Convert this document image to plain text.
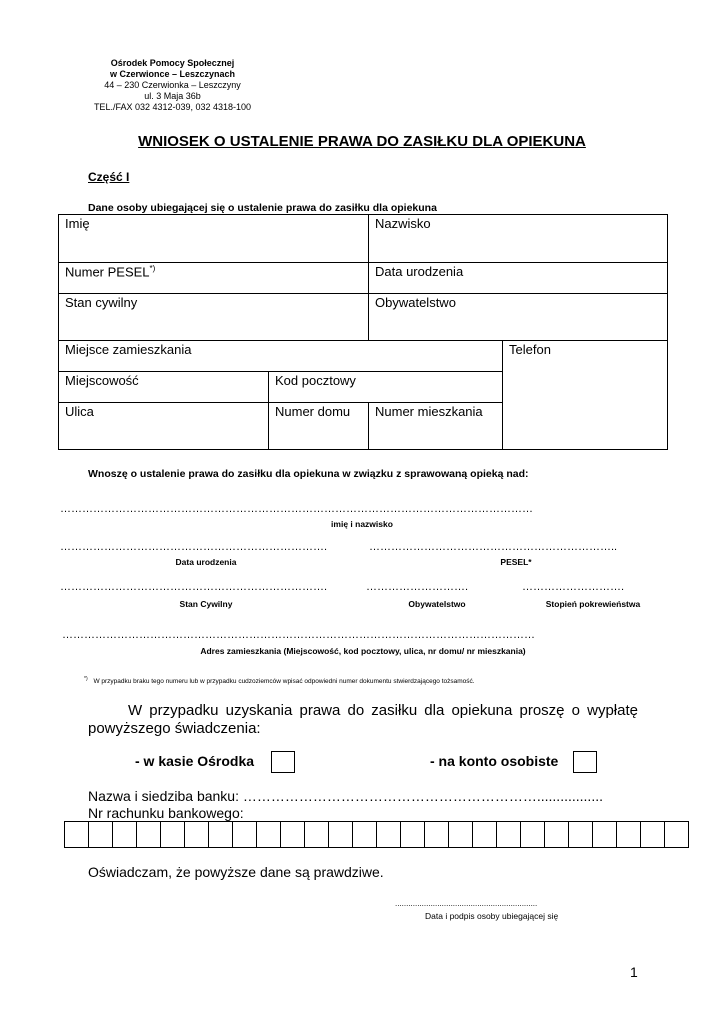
Ośrodek Pomocy Społecznej
w Czerwionce – Leszczynach
44 – 230 Czerwionka – Leszczyny
ul. 3 Maja 36b
TEL./FAX 032 4312-039, 032 4318-100
WNIOSEK O USTALENIE PRAWA DO ZASIŁKU DLA OPIEKUNA
Część I
Dane osoby ubiegającej się o ustalenie prawa do zasiłku dla opiekuna
Imię		Nazwisko	
Numer PESEL*)		Data urodzenia	
Stan cywilny		Obywatelstwo	
Miejsce zamieszkania			Telefon
Miejscowość	Kod pocztowy		
Ulica	Numer domu	Numer mieszkania	
Wnoszę o ustalenie prawa do zasiłku dla opiekuna w związku z sprawowaną opieką nad:
…………………………………………………………………………………………………………………
imię i nazwisko
……………………………………………………………….	…………………………………………………………..
Data urodzenia	PESEL*
……………………………………………………………….	……………………….	……………………….
Stan Cywilny	Obywatelstwo	Stopień pokrewieństwa
…………………………………………………………………………………………………………………
Adres zamieszkania (Miejscowość, kod pocztowy, ulica, nr domu/ nr mieszkania)
*) W przypadku braku tego numeru lub w przypadku cudzoziemców wpisać odpowiedni numer dokumentu stwierdzającego tożsamość.
W przypadku uzyskania prawa do zasiłku dla opiekuna proszę o wypłatę powyższego świadczenia:
- w kasie Ośrodka	- na konto osobiste
Nazwa i siedziba banku: ……………………………………………………….................
Nr rachunku bankowego:

Oświadczam, że powyższe dane są prawdziwe.
................................................................
Data i podpis osoby ubiegającej się
1
